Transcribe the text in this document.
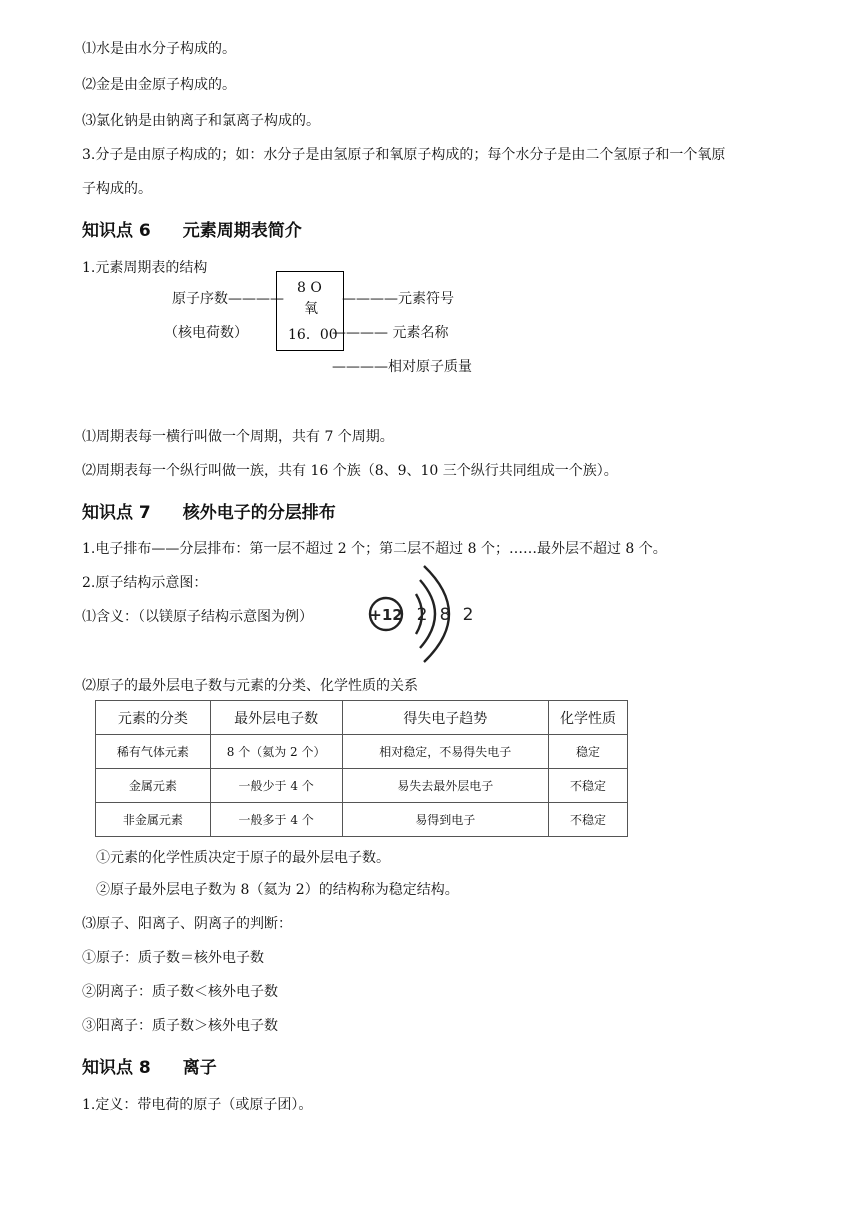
⑴水是由水分子构成的。
⑵金是由金原子构成的。
⑶氯化钠是由钠离子和氯离子构成的。
3.分子是由原子构成的；如：水分子是由氢原子和氧原子构成的；每个水分子是由二个氢原子和一个氧原
子构成的。
知识点 6 元素周期表简介
1.元素周期表的结构
原子序数————
（核电荷数）
8 O
氧
16．00
————元素符号
———— 元素名称
————相对原子质量
⑴周期表每一横行叫做一个周期，共有 7 个周期。
⑵周期表每一个纵行叫做一族，共有 16 个族（8、9、10 三个纵行共同组成一个族）。
知识点 7 核外电子的分层排布
1.电子排布——分层排布：第一层不超过 2 个；第二层不超过 8 个；……最外层不超过 8 个。
2.原子结构示意图：
⑴含义：（以镁原子结构示意图为例）	+12 2 8 2
⑵原子的最外层电子数与元素的分类、化学性质的关系
元素的分类	最外层电子数	得失电子趋势	化学性质
稀有气体元素	8 个（氦为 2 个）	相对稳定，不易得失电子	稳定
金属元素	一般少于 4 个	易失去最外层电子	不稳定
非金属元素	一般多于 4 个	易得到电子	不稳定
①元素的化学性质决定于原子的最外层电子数。
②原子最外层电子数为 8（氦为 2）的结构称为稳定结构。
⑶原子、阳离子、阴离子的判断：
①原子：质子数＝核外电子数
②阴离子：质子数＜核外电子数
③阳离子：质子数＞核外电子数
知识点 8 离子
1.定义：带电荷的原子（或原子团）。
